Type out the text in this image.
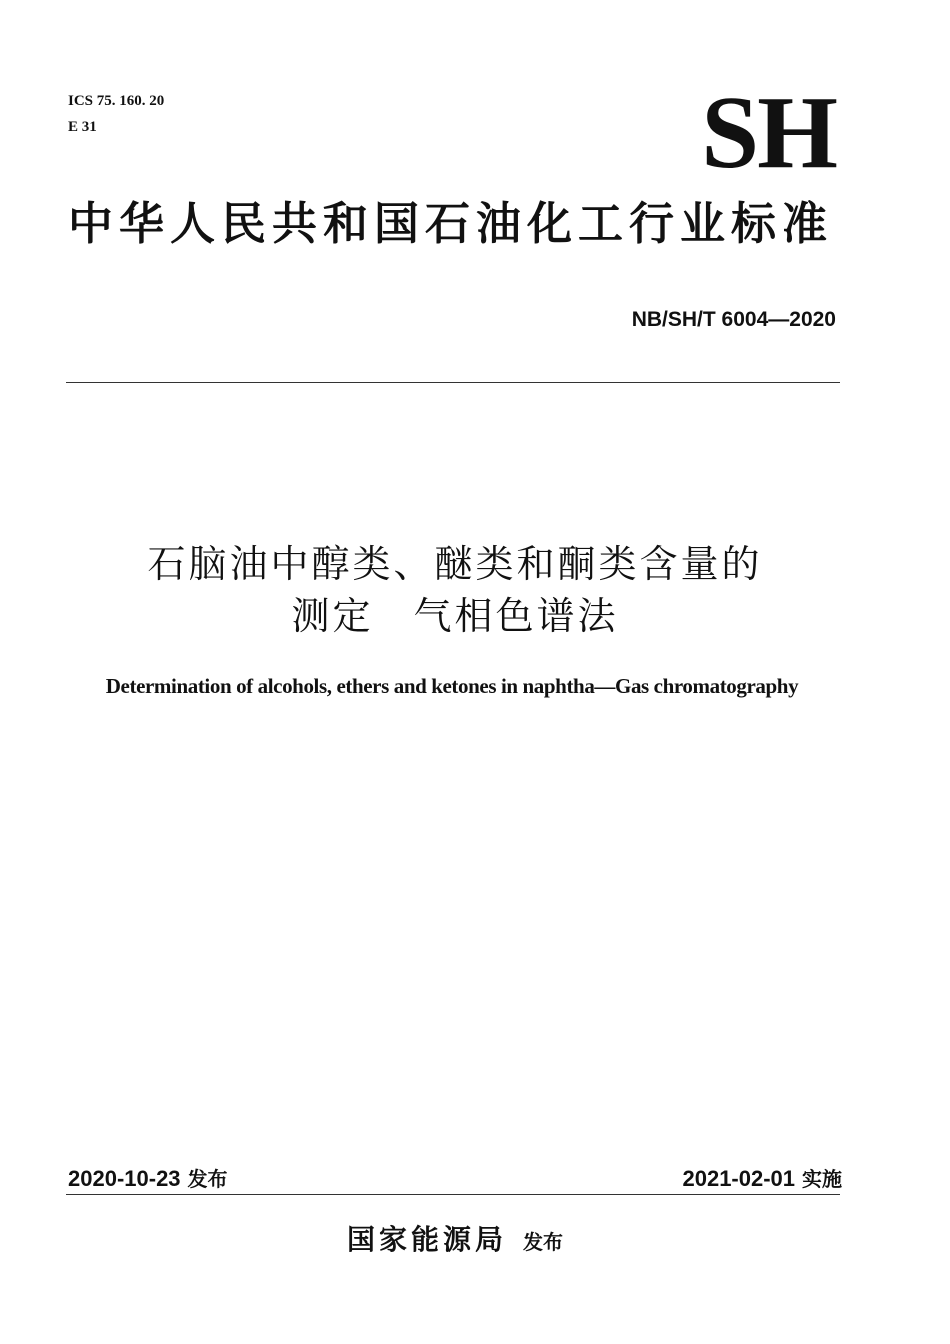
ICS 75. 160. 20
E 31	SH
中华人民共和国石油化工行业标准
NB/SH/T 6004—2020
石脑油中醇类、醚类和酮类含量的
测定 气相色谱法
Determination of alcohols, ethers and ketones in naphtha—Gas chromatography
2020-10-23 发布	2021-02-01 实施
国家能源局 发布
